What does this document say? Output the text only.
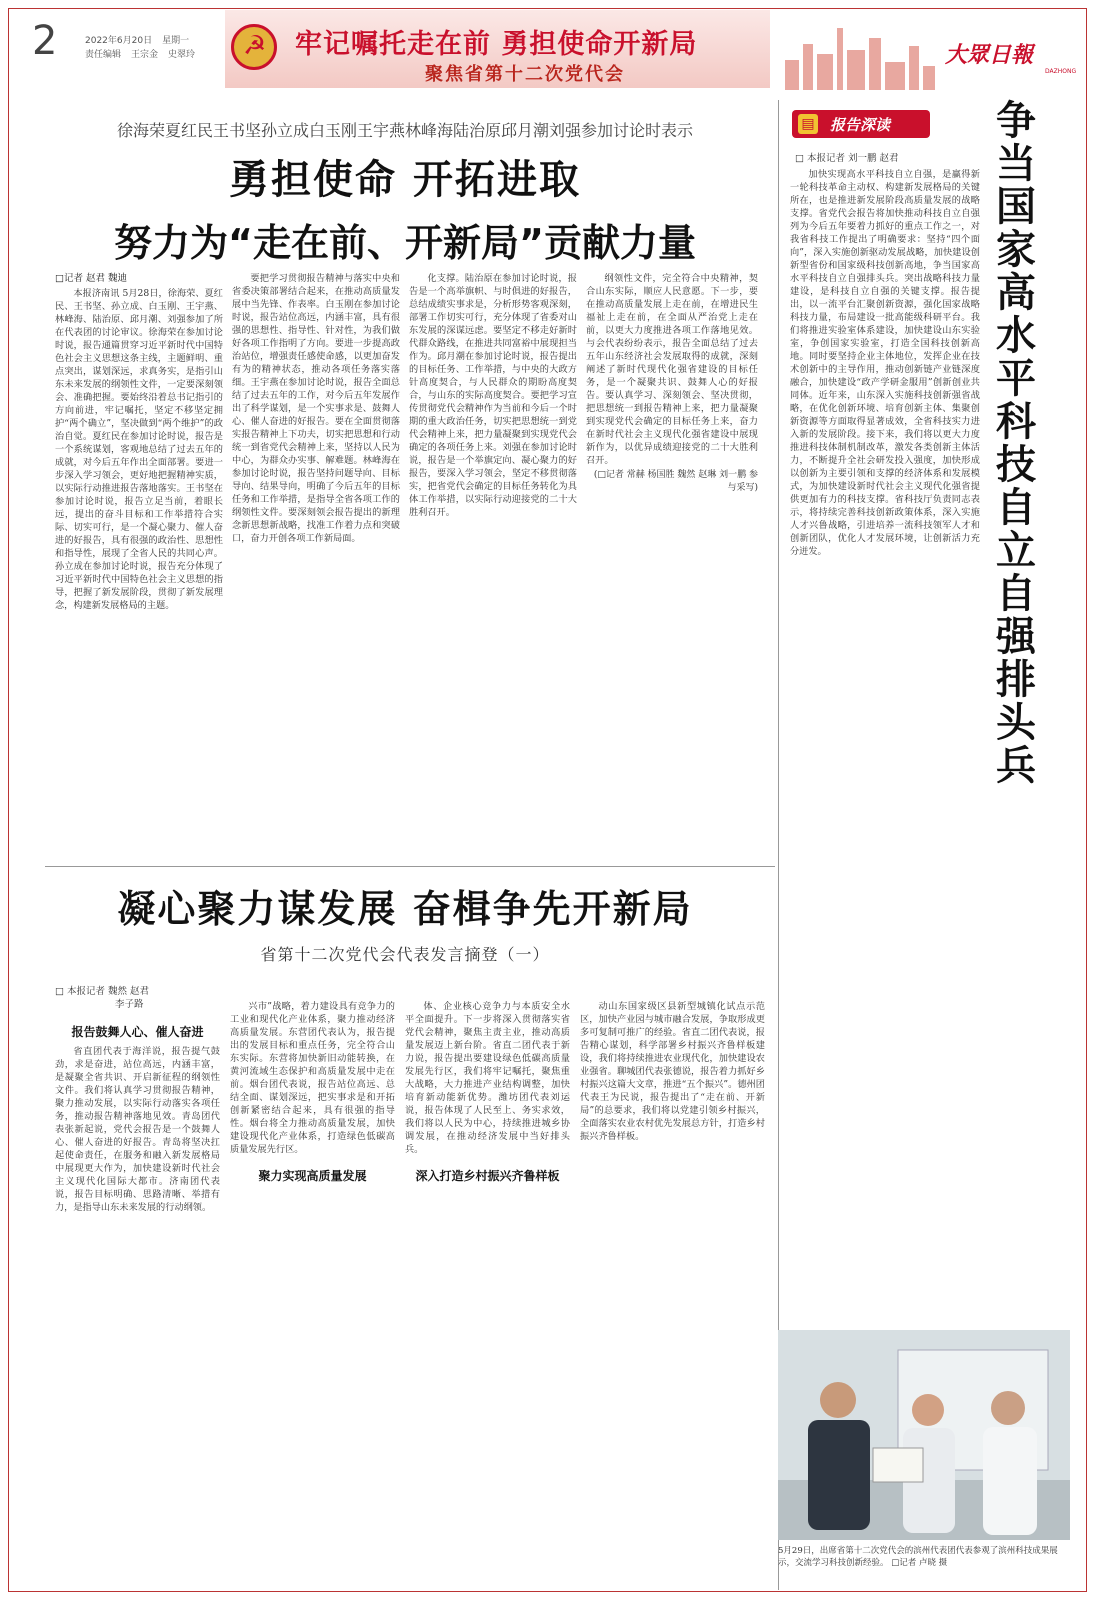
2	2022年6月20日 星期一
责任编辑 王宗金 史翠玲
☭	牢记嘱托走在前 勇担使命开新局
聚焦省第十二次党代会
大眾日報
DAZHONG
徐海荣夏红民王书坚孙立成白玉刚王宇燕林峰海陆治原邱月潮刘强参加讨论时表示
勇担使命 开拓进取
努力为“走在前、开新局”贡献力量
□记者 赵君 魏迪

本报济南讯 5月28日，徐海荣、夏红民、王书坚、孙立成、白玉刚、王宇燕、林峰海、陆治原、邱月潮、刘强参加了所在代表团的讨论审议。徐海荣在参加讨论时说，报告通篇贯穿习近平新时代中国特色社会主义思想这条主线，主题鲜明、重点突出，谋划深远，求真务实，是指引山东未来发展的纲领性文件，一定要深刻领会、准确把握。要始终沿着总书记指引的方向前进，牢记嘱托，坚定不移坚定拥护“两个确立”，坚决做到“两个维护”的政治自觉。夏红民在参加讨论时说，报告是一个系统谋划，客观地总结了过去五年的成就，对今后五年作出全面部署。要进一步深入学习领会，更好地把握精神实质，以实际行动推进报告落地落实。王书坚在参加讨论时说，报告立足当前，着眼长远，提出的奋斗目标和工作举措符合实际、切实可行，是一个凝心聚力、催人奋进的好报告，具有很强的政治性、思想性和指导性，展现了全省人民的共同心声。孙立成在参加讨论时说，报告充分体现了习近平新时代中国特色社会主义思想的指导，把握了新发展阶段，贯彻了新发展理念，构建新发展格局的主题。

要把学习贯彻报告精神与落实中央和省委决策部署结合起来，在推动高质量发展中当先锋、作表率。白玉刚在参加讨论时说，报告站位高远，内涵丰富，具有很强的思想性、指导性、针对性，为我们做好各项工作指明了方向。要进一步提高政治站位，增强责任感使命感，以更加奋发有为的精神状态，推动各项任务落实落细。王宇燕在参加讨论时说，报告全面总结了过去五年的工作，对今后五年发展作出了科学谋划，是一个实事求是、鼓舞人心、催人奋进的好报告。要在全面贯彻落实报告精神上下功夫，切实把思想和行动统一到省党代会精神上来，坚持以人民为中心，为群众办实事、解难题。林峰海在参加讨论时说，报告坚持问题导向、目标导向、结果导向，明确了今后五年的目标任务和工作举措，是指导全省各项工作的纲领性文件。要深刻领会报告提出的新理念新思想新战略，找准工作着力点和突破口，奋力开创各项工作新局面。

化支撑。陆治原在参加讨论时说，报告是一个高举旗帜、与时俱进的好报告，总结成绩实事求是，分析形势客观深刻，部署工作切实可行，充分体现了省委对山东发展的深谋远虑。要坚定不移走好新时代群众路线，在推进共同富裕中展现担当作为。邱月潮在参加讨论时说，报告提出的目标任务、工作举措，与中央的大政方针高度契合，与人民群众的期盼高度契合，与山东的实际高度契合。要把学习宣传贯彻党代会精神作为当前和今后一个时期的重大政治任务，切实把思想统一到党代会精神上来，把力量凝聚到实现党代会确定的各项任务上来。刘强在参加讨论时说，报告是一个举旗定向、凝心聚力的好报告，要深入学习领会，坚定不移贯彻落实，把省党代会确定的目标任务转化为具体工作举措，以实际行动迎接党的二十大胜利召开。

纲领性文件，完全符合中央精神，契合山东实际，顺应人民意愿。下一步，要在推动高质量发展上走在前，在增进民生福祉上走在前，在全面从严治党上走在前，以更大力度推进各项工作落地见效。与会代表纷纷表示，报告全面总结了过去五年山东经济社会发展取得的成就，深刻阐述了新时代现代化强省建设的目标任务，是一个凝聚共识、鼓舞人心的好报告。要认真学习、深刻领会、坚决贯彻，把思想统一到报告精神上来，把力量凝聚到实现党代会确定的目标任务上来，奋力在新时代社会主义现代化强省建设中展现新作为，以优异成绩迎接党的二十大胜利召开。

(□记者 常赫 杨国胜 魏然 赵琳 刘一鹏 参与采写)
凝心聚力谋发展 奋楫争先开新局
省第十二次党代会代表发言摘登（一）
□ 本报记者 魏然 赵君
李子路
报告鼓舞人心、催人奋进

省直团代表于海洋说，报告提气鼓劲，求是奋进，站位高远，内涵丰富，是凝聚全省共识、开启新征程的纲领性文件。我们将认真学习贯彻报告精神，聚力推动发展，以实际行动落实各项任务，推动报告精神落地见效。青岛团代表张新起说，党代会报告是一个鼓舞人心、催人奋进的好报告。青岛将坚决扛起使命责任，在服务和融入新发展格局中展现更大作为，加快建设新时代社会主义现代化国际大都市。济南团代表说，报告目标明确、思路清晰、举措有力，是指导山东未来发展的行动纲领。

兴市”战略，着力建设具有竞争力的工业和现代化产业体系，聚力推动经济高质量发展。东营团代表认为，报告提出的发展目标和重点任务，完全符合山东实际。东营将加快新旧动能转换，在黄河流域生态保护和高质量发展中走在前。烟台团代表说，报告站位高远、总结全面、谋划深远，把实事求是和开拓创新紧密结合起来，具有很强的指导性。烟台将全力推动高质量发展，加快建设现代化产业体系，打造绿色低碳高质量发展先行区。

聚力实现高质量发展

体、企业核心竞争力与本质安全水平全面提升。下一步将深入贯彻落实省党代会精神，聚焦主责主业，推动高质量发展迈上新台阶。省直二团代表于新力说，报告提出要建设绿色低碳高质量发展先行区，我们将牢记嘱托，聚焦重大战略，大力推进产业结构调整，加快培育新动能新优势。潍坊团代表刘运说，报告体现了人民至上、务实求效，我们将以人民为中心，持续推进城乡协调发展，在推动经济发展中当好排头兵。

深入打造乡村振兴齐鲁样板

动山东国家级区县新型城镇化试点示范区，加快产业园与城市融合发展，争取形成更多可复制可推广的经验。省直二团代表说，报告精心谋划，科学部署乡村振兴齐鲁样板建设，我们将持续推进农业现代化，加快建设农业强省。聊城团代表张德说，报告着力抓好乡村振兴这篇大文章，推进“五个振兴”。德州团代表王为民说，报告提出了“走在前、开新局”的总要求，我们将以党建引领乡村振兴，全面落实农业农村优先发展总方针，打造乡村振兴齐鲁样板。

▤ 报告深读	争当国家高水平科技自立自强排头兵
□ 本报记者 刘一鹏 赵君

加快实现高水平科技自立自强，是赢得新一轮科技革命主动权、构建新发展格局的关键所在，也是推进新发展阶段高质量发展的战略支撑。省党代会报告将加快推动科技自立自强列为今后五年要着力抓好的重点工作之一，对我省科技工作提出了明确要求：坚持“四个面向”，深入实施创新驱动发展战略，加快建设创新型省份和国家级科技创新高地，争当国家高水平科技自立自强排头兵。突出战略科技力量建设，是科技自立自强的关键支撑。报告提出，以一流平台汇聚创新资源，强化国家战略科技力量，布局建设一批高能级科研平台。我们将推进实验室体系建设，加快建设山东实验室，争创国家实验室，打造全国科技创新高地。同时要坚持企业主体地位，发挥企业在技术创新中的主导作用，推动创新链产业链深度融合，加快建设“政产学研金服用”创新创业共同体。近年来，山东深入实施科技创新强省战略，在优化创新环境、培育创新主体、集聚创新资源等方面取得显著成效，全省科技实力进入新的发展阶段。接下来，我们将以更大力度推进科技体制机制改革，激发各类创新主体活力，不断提升全社会研发投入强度，加快形成以创新为主要引领和支撑的经济体系和发展模式，为加快建设新时代社会主义现代化强省提供更加有力的科技支撑。省科技厅负责同志表示，将持续完善科技创新政策体系，深入实施人才兴鲁战略，引进培养一流科技领军人才和创新团队，优化人才发展环境，让创新活力充分迸发。

5月29日，出席省第十二次党代会的滨州代表团代表参观了滨州科技成果展示，交流学习科技创新经验。 □记者 卢晓 摄
